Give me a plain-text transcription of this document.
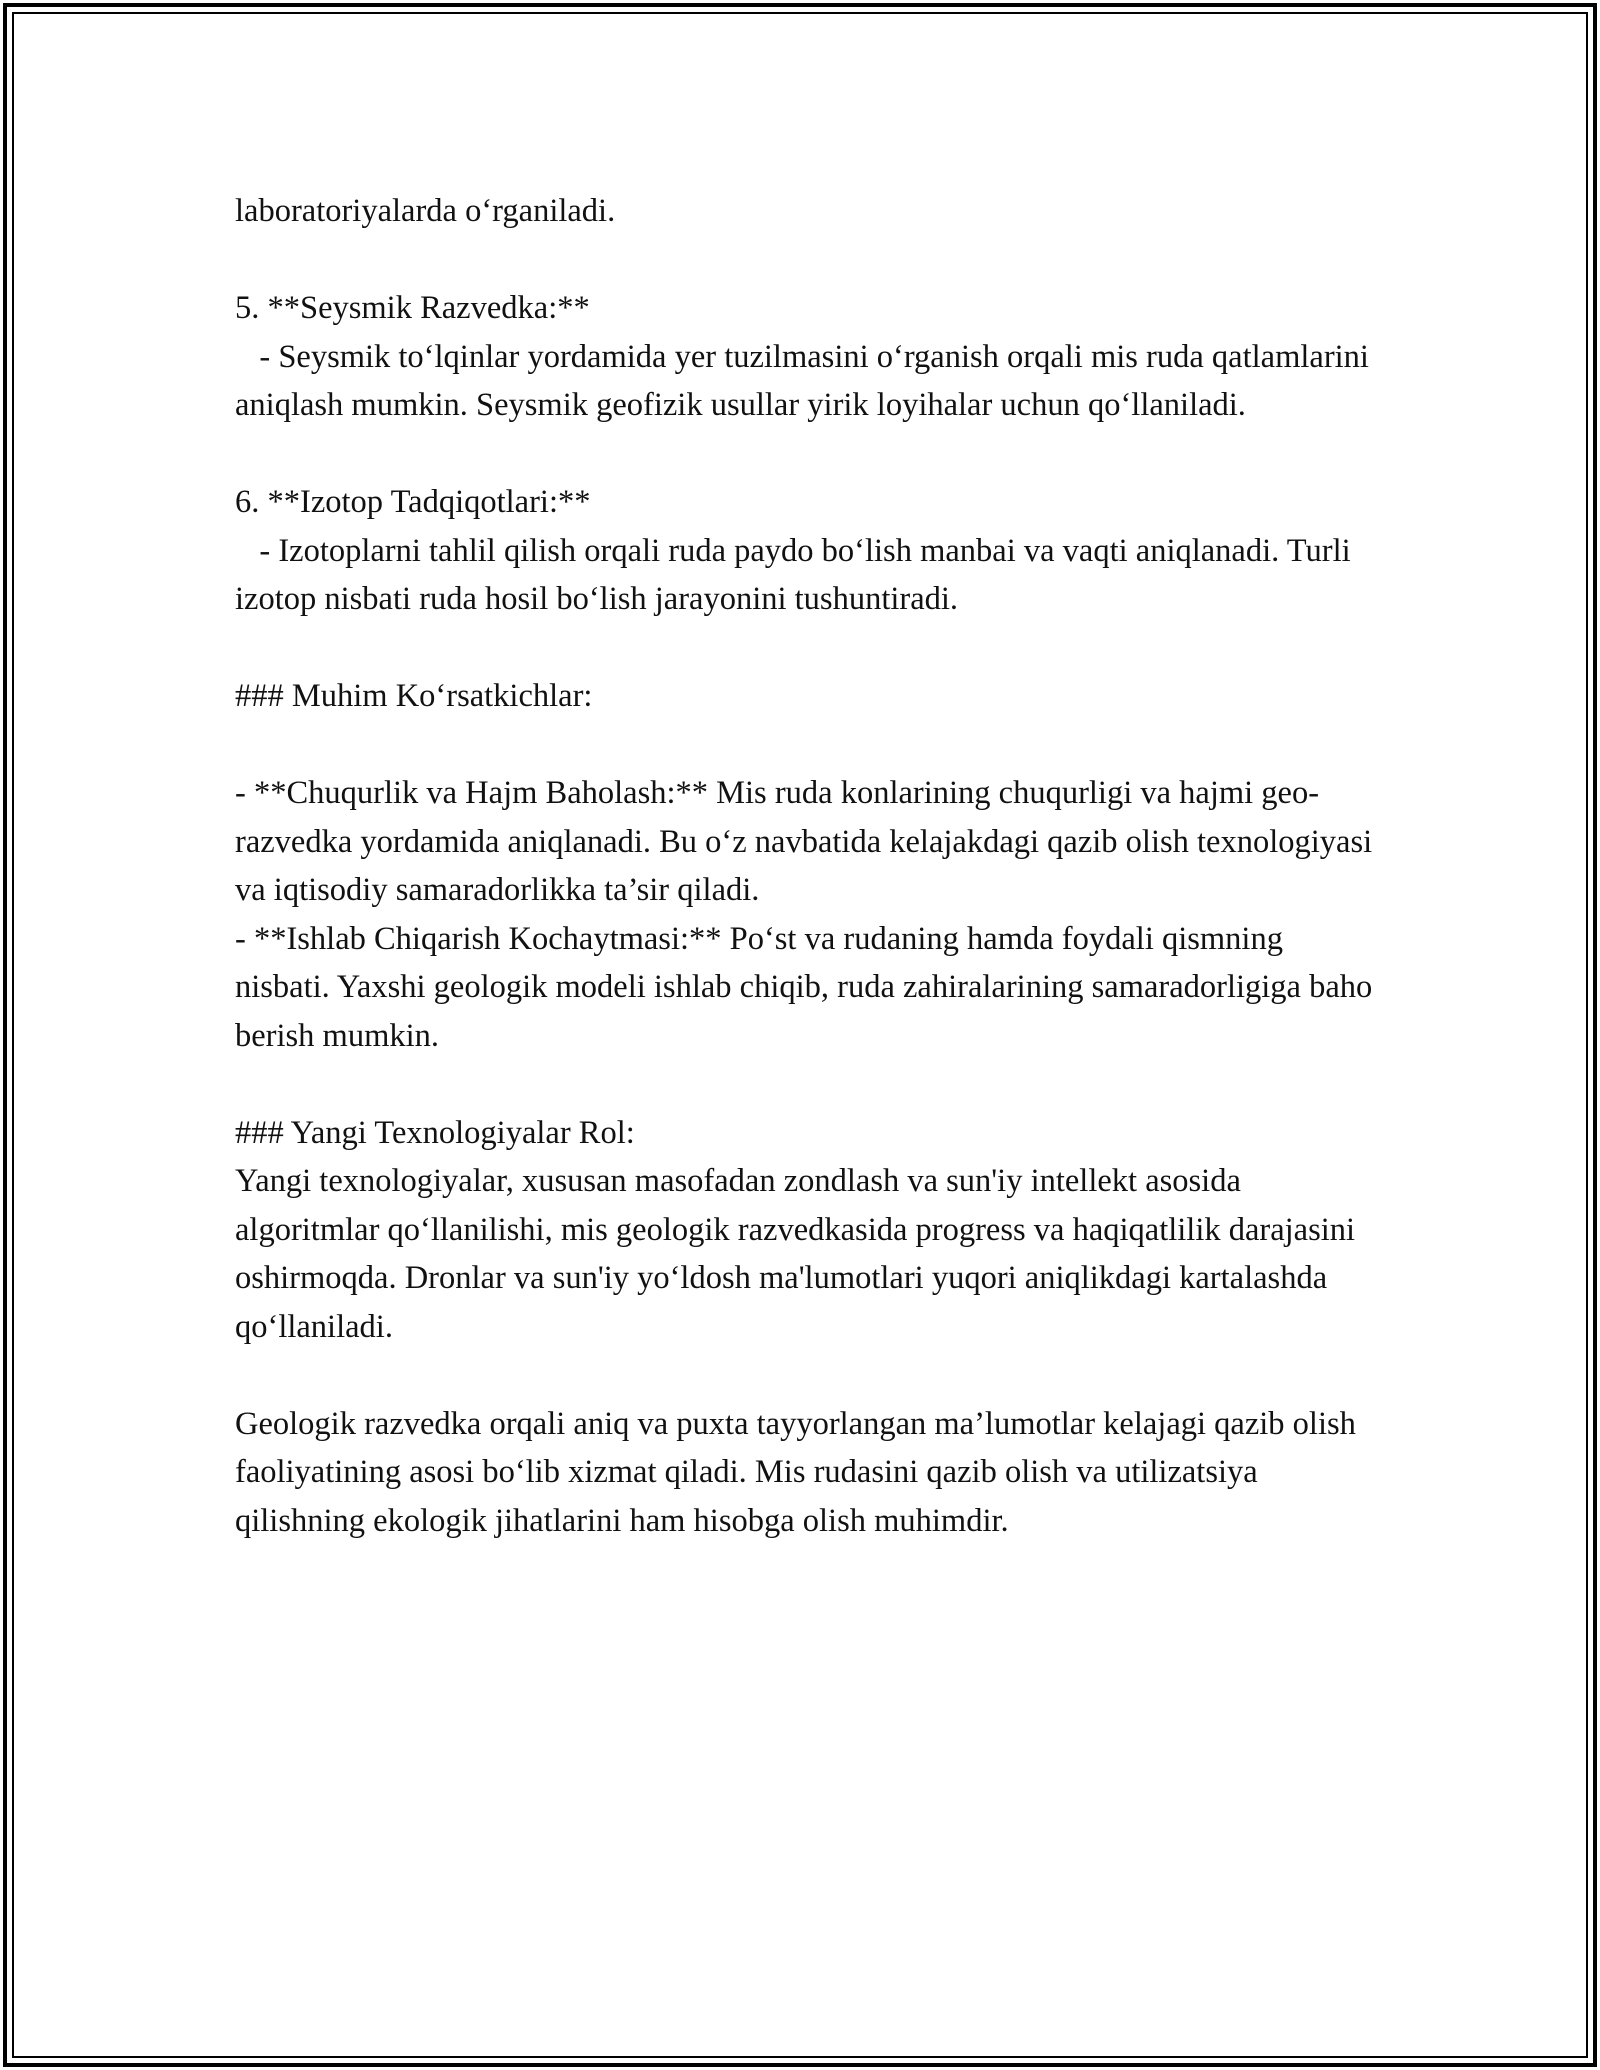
laboratoriyalarda o‘rganiladi.

5. **Seysmik Razvedka:**
- Seysmik to‘lqinlar yordamida yer tuzilmasini o‘rganish orqali mis ruda qatlamlarini aniqlash mumkin. Seysmik geofizik usullar yirik loyihalar uchun qo‘llaniladi.

6. **Izotop Tadqiqotlari:**
- Izotoplarni tahlil qilish orqali ruda paydo bo‘lish manbai va vaqti aniqlanadi. Turli izotop nisbati ruda hosil bo‘lish jarayonini tushuntiradi.

### Muhim Ko‘rsatkichlar:

- **Chuqurlik va Hajm Baholash:** Mis ruda konlarining chuqurligi va hajmi geo-razvedka yordamida aniqlanadi. Bu o‘z navbatida kelajakdagi qazib olish texnologiyasi va iqtisodiy samaradorlikka ta’sir qiladi.
- **Ishlab Chiqarish Kochaytmasi:** Po‘st va rudaning hamda foydali qismning nisbati. Yaxshi geologik modeli ishlab chiqib, ruda zahiralarining samaradorligiga baho berish mumkin.

### Yangi Texnologiyalar Rol:
Yangi texnologiyalar, xususan masofadan zondlash va sun'iy intellekt asosida algoritmlar qo‘llanilishi, mis geologik razvedkasida progress va haqiqatlilik darajasini oshirmoqda. Dronlar va sun'iy yo‘ldosh ma'lumotlari yuqori aniqlikdagi kartalashda qo‘llaniladi.

Geologik razvedka orqali aniq va puxta tayyorlangan ma’lumotlar kelajagi qazib olish faoliyatining asosi bo‘lib xizmat qiladi. Mis rudasini qazib olish va utilizatsiya qilishning ekologik jihatlarini ham hisobga olish muhimdir.
